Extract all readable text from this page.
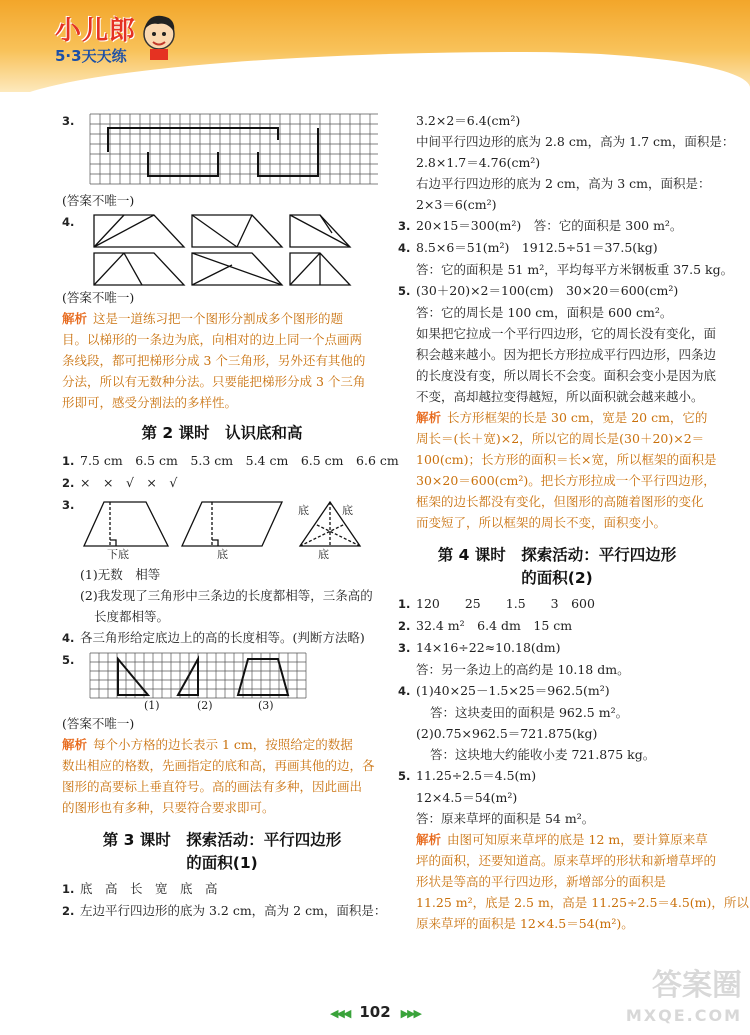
小儿郎
5·3天天练
3.
(答案不唯一)
4.
(答案不唯一)
解析 这是一道练习把一个图形分割成多个图形的题
目。以梯形的一条边为底，向相对的边上同一个点画两
条线段，都可把梯形分成 3 个三角形，另外还有其他的
分法，所以有无数种分法。只要能把梯形分成 3 个三角
形即可，感受分割法的多样性。
第 2 课时　认识底和高
1. 7.5 cm　6.5 cm　5.3 cm　5.4 cm　6.5 cm　6.6 cm
2. ×　×　√　×　√
3.
下底	底
底	底
底
(1)无数　相等
(2)我发现了三角形中三条边的长度都相等，三条高的
长度都相等。
4. 各三角形给定底边上的高的长度相等。(判断方法略)
5.
(1)	(2)	(3)
(答案不唯一)
解析 每个小方格的边长表示 1 cm，按照给定的数据
数出相应的格数，先画指定的底和高，再画其他的边，各
图形的高要标上垂直符号。高的画法有多种，因此画出
的图形也有多种，只要符合要求即可。
第 3 课时　探索活动：平行四边形
的面积(1)
1. 底　高　长　宽　底　高
2. 左边平行四边形的底为 3.2 cm，高为 2 cm，面积是：
3.2×2＝6.4(cm²)
中间平行四边形的底为 2.8 cm，高为 1.7 cm，面积是：
2.8×1.7＝4.76(cm²)
右边平行四边形的底为 2 cm，高为 3 cm，面积是：
2×3＝6(cm²)
3. 20×15＝300(m²)　答：它的面积是 300 m²。
4. 8.5×6＝51(m²)　1912.5÷51＝37.5(kg)
答：它的面积是 51 m²，平均每平方米钢板重 37.5 kg。
5. (30＋20)×2＝100(cm)　30×20＝600(cm²)
答：它的周长是 100 cm，面积是 600 cm²。
如果把它拉成一个平行四边形，它的周长没有变化，面
积会越来越小。因为把长方形拉成平行四边形，四条边
的长度没有变，所以周长不会变。面积会变小是因为底
不变，高却越拉变得越短，所以面积就会越来越小。
解析 长方形框架的长是 30 cm，宽是 20 cm，它的
周长＝(长＋宽)×2，所以它的周长是(30＋20)×2＝
100(cm)；长方形的面积＝长×宽，所以框架的面积是
30×20＝600(cm²)。把长方形拉成一个平行四边形，
框架的边长都没有变化，但图形的高随着图形的变化
而变短了，所以框架的周长不变，面积变小。
第 4 课时　探索活动：平行四边形
的面积(2)
1. 120　　25　　1.5　　3　600
2. 32.4 m²　6.4 dm　15 cm
3. 14×16÷22≈10.18(dm)
答：另一条边上的高约是 10.18 dm。
4. (1)40×25－1.5×25＝962.5(m²)
答：这块麦田的面积是 962.5 m²。
(2)0.75×962.5＝721.875(kg)
答：这块地大约能收小麦 721.875 kg。
5. 11.25÷2.5＝4.5(m)
12×4.5＝54(m²)
答：原来草坪的面积是 54 m²。
解析 由图可知原来草坪的底是 12 m，要计算原来草
坪的面积，还要知道高。原来草坪的形状和新增草坪的
形状是等高的平行四边形，新增部分的面积是
11.25 m²，底是 2.5 m，高是 11.25÷2.5＝4.5(m)，所以
原来草坪的面积是 12×4.5＝54(m²)。
◀◀◀ 102 ▶▶▶
答案圈
MXQE.COM
